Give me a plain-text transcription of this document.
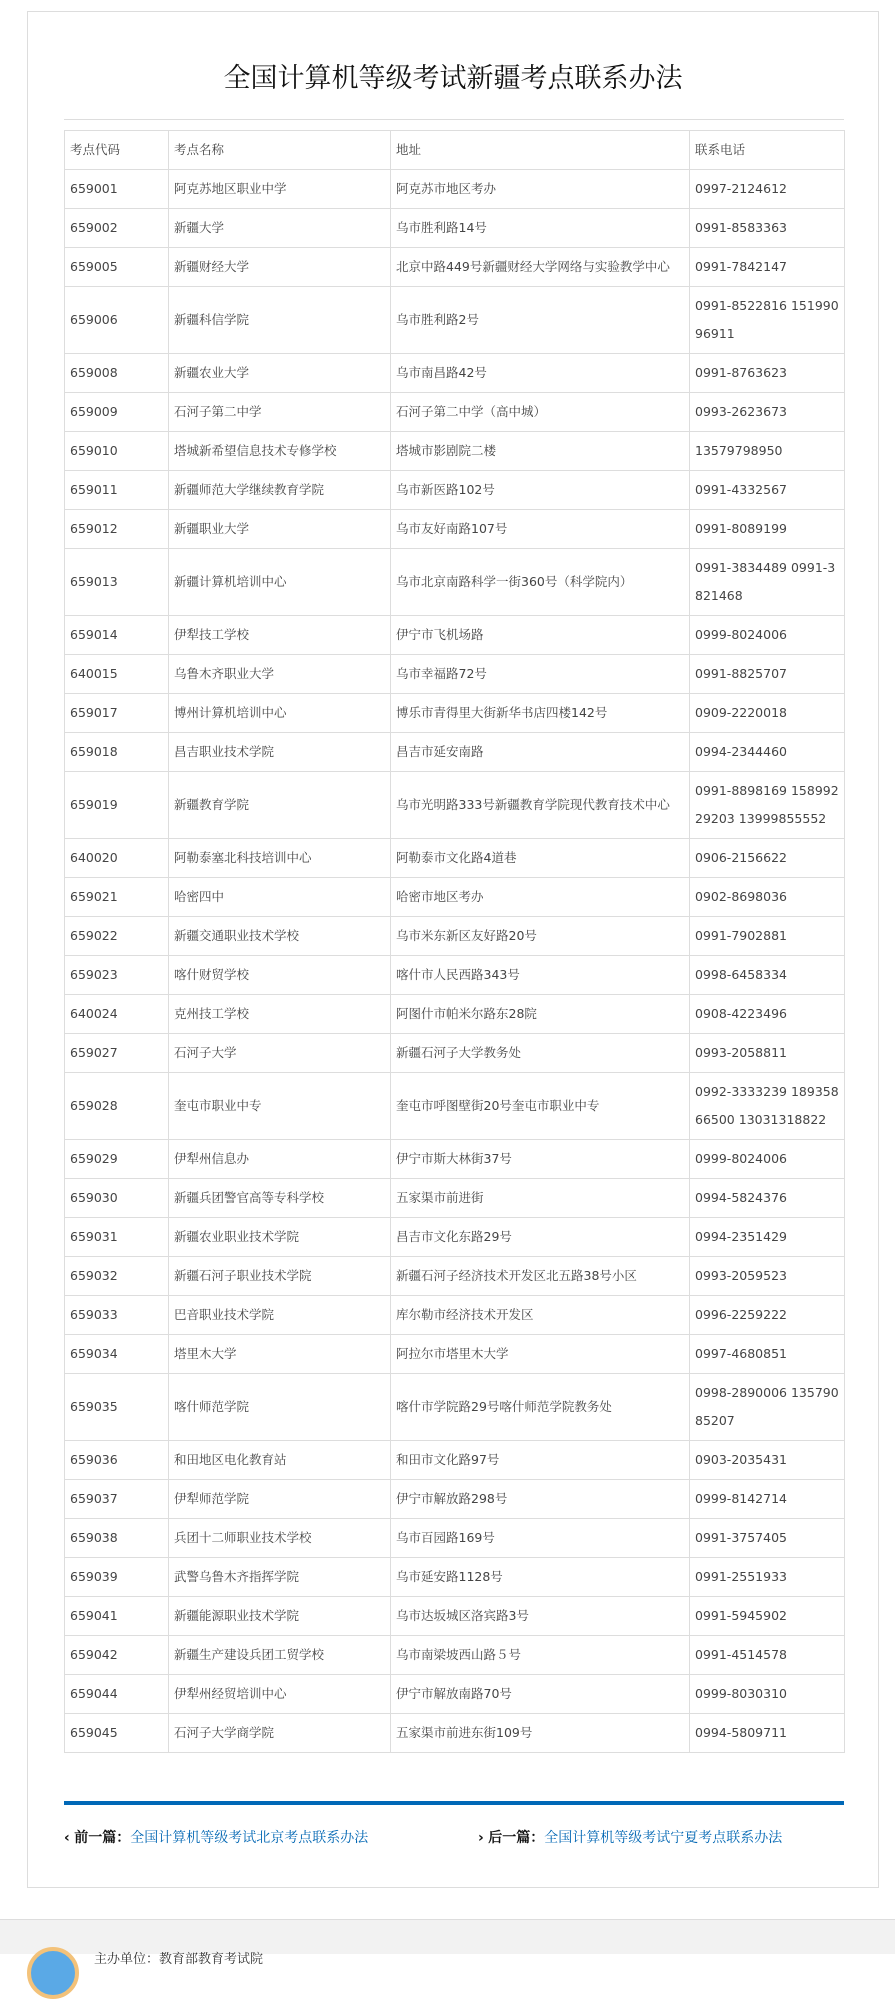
全国计算机等级考试新疆考点联系办法
考点代码	考点名称	地址	联系电话
659001	阿克苏地区职业中学	阿克苏市地区考办	0997-2124612
659002	新疆大学	乌市胜利路14号	0991-8583363
659005	新疆财经大学	北京中路449号新疆财经大学网络与实验教学中心	0991-7842147
659006	新疆科信学院	乌市胜利路2号	0991-8522816 15199096911
659008	新疆农业大学	乌市南昌路42号	0991-8763623
659009	石河子第二中学	石河子第二中学（高中城）	0993-2623673
659010	塔城新希望信息技术专修学校	塔城市影剧院二楼	13579798950
659011	新疆师范大学继续教育学院	乌市新医路102号	0991-4332567
659012	新疆职业大学	乌市友好南路107号	0991-8089199
659013	新疆计算机培训中心	乌市北京南路科学一街360号（科学院内）	0991-3834489 0991-3821468
659014	伊犁技工学校	伊宁市飞机场路	0999-8024006
640015	乌鲁木齐职业大学	乌市幸福路72号	0991-8825707
659017	博州计算机培训中心	博乐市青得里大街新华书店四楼142号	0909-2220018
659018	昌吉职业技术学院	昌吉市延安南路	0994-2344460
659019	新疆教育学院	乌市光明路333号新疆教育学院现代教育技术中心	0991-8898169 15899229203 13999855552
640020	阿勒泰塞北科技培训中心	阿勒泰市文化路4道巷	0906-2156622
659021	哈密四中	哈密市地区考办	0902-8698036
659022	新疆交通职业技术学校	乌市米东新区友好路20号	0991-7902881
659023	喀什财贸学校	喀什市人民西路343号	0998-6458334
640024	克州技工学校	阿图什市帕米尔路东28院	0908-4223496
659027	石河子大学	新疆石河子大学教务处	0993-2058811
659028	奎屯市职业中专	奎屯市呼图壁街20号奎屯市职业中专	0992-3333239 18935866500 13031318822
659029	伊犁州信息办	伊宁市斯大林街37号	0999-8024006
659030	新疆兵团警官高等专科学校	五家渠市前进街	0994-5824376
659031	新疆农业职业技术学院	昌吉市文化东路29号	0994-2351429
659032	新疆石河子职业技术学院	新疆石河子经济技术开发区北五路38号小区	0993-2059523
659033	巴音职业技术学院	库尔勒市经济技术开发区	0996-2259222
659034	塔里木大学	阿拉尔市塔里木大学	0997-4680851
659035	喀什师范学院	喀什市学院路29号喀什师范学院教务处	0998-2890006 13579085207
659036	和田地区电化教育站	和田市文化路97号	0903-2035431
659037	伊犁师范学院	伊宁市解放路298号	0999-8142714
659038	兵团十二师职业技术学校	乌市百园路169号	0991-3757405
659039	武警乌鲁木齐指挥学院	乌市延安路1128号	0991-2551933
659041	新疆能源职业技术学院	乌市达坂城区洛宾路3号	0991-5945902
659042	新疆生产建设兵团工贸学校	乌市南梁坡西山路５号	0991-4514578
659044	伊犁州经贸培训中心	伊宁市解放南路70号	0999-8030310
659045	石河子大学商学院	五家渠市前进东街109号	0994-5809711
‹ 前一篇：全国计算机等级考试北京考点联系办法	› 后一篇：全国计算机等级考试宁夏考点联系办法
主办单位：教育部教育考试院
